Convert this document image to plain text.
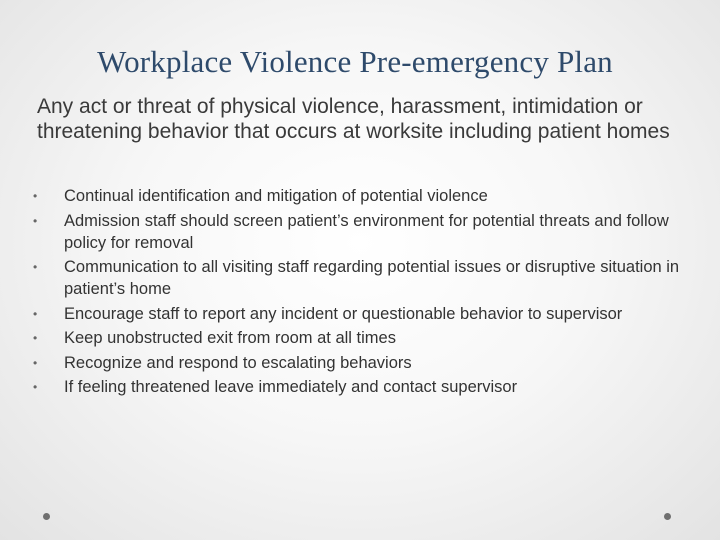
Workplace Violence Pre-emergency Plan

Any act or threat of physical violence, harassment, intimidation or threatening behavior that occurs at worksite including patient homes

•	Continual identification and mitigation of potential violence
•	Admission staff should screen patient’s environment for potential threats and follow policy for removal
•	Communication to all visiting staff regarding potential issues or disruptive situation in patient’s home
•	Encourage staff to report any incident or questionable behavior to supervisor
•	Keep unobstructed exit from room at all times
•	Recognize and respond to escalating behaviors
•	If feeling threatened leave immediately and contact supervisor
